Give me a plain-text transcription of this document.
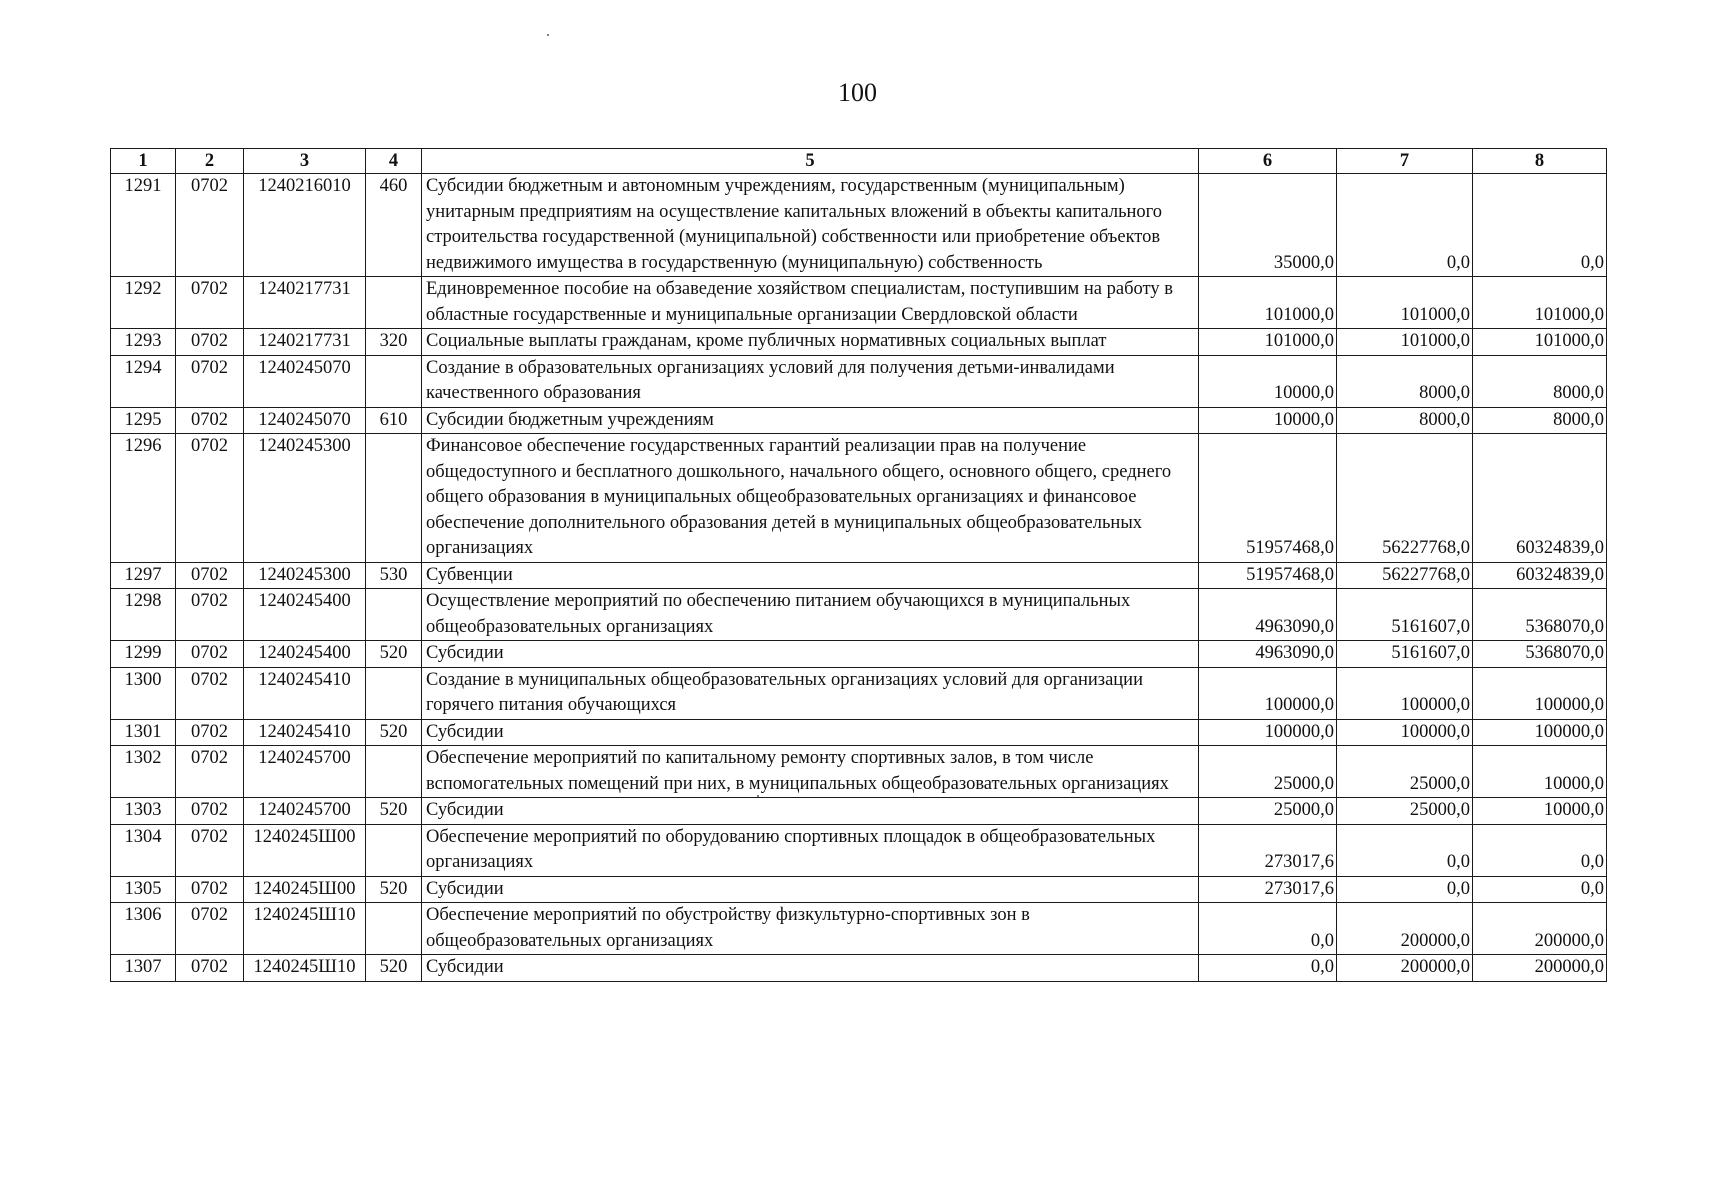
100
1	2	3	4	5	6	7	8
1291	0702	1240216010	460	Субсидии бюджетным и автономным учреждениям, государственным (муниципальным) унитарным предприятиям на осуществление капитальных вложений в объекты капитального строительства государственной (муниципальной) собственности или приобретение объектов недвижимого имущества в государственную (муниципальную) собственность	35000,0	0,0	0,0
1292	0702	1240217731		Единовременное пособие на обзаведение хозяйством специалистам, поступившим на работу в областные государственные и муниципальные организации Свердловской области	101000,0	101000,0	101000,0
1293	0702	1240217731	320	Социальные выплаты гражданам, кроме публичных нормативных социальных выплат	101000,0	101000,0	101000,0
1294	0702	1240245070		Создание в образовательных организациях условий для получения детьми-инвалидами качественного образования	10000,0	8000,0	8000,0
1295	0702	1240245070	610	Субсидии бюджетным учреждениям	10000,0	8000,0	8000,0
1296	0702	1240245300		Финансовое обеспечение государственных гарантий реализации прав на получение общедоступного и бесплатного дошкольного, начального общего, основного общего, среднего общего образования в муниципальных общеобразовательных организациях и финансовое обеспечение дополнительного образования детей в муниципальных общеобразовательных организациях	51957468,0	56227768,0	60324839,0
1297	0702	1240245300	530	Субвенции	51957468,0	56227768,0	60324839,0
1298	0702	1240245400		Осуществление мероприятий по обеспечению питанием обучающихся в муниципальных общеобразовательных организациях	4963090,0	5161607,0	5368070,0
1299	0702	1240245400	520	Субсидии	4963090,0	5161607,0	5368070,0
1300	0702	1240245410		Создание в муниципальных общеобразовательных организациях условий для организации горячего питания обучающихся	100000,0	100000,0	100000,0
1301	0702	1240245410	520	Субсидии	100000,0	100000,0	100000,0
1302	0702	1240245700		Обеспечение мероприятий по капитальному ремонту спортивных залов, в том числе вспомогательных помещений при них, в муниципальных общеобразовательных организациях	25000,0	25000,0	10000,0
1303	0702	1240245700	520	Субсидии	25000,0	25000,0	10000,0
1304	0702	1240245Ш00		Обеспечение мероприятий по оборудованию спортивных площадок в общеобразовательных организациях	273017,6	0,0	0,0
1305	0702	1240245Ш00	520	Субсидии	273017,6	0,0	0,0
1306	0702	1240245Ш10		Обеспечение мероприятий по обустройству физкультурно-спортивных зон в общеобразовательных организациях	0,0	200000,0	200000,0
1307	0702	1240245Ш10	520	Субсидии	0,0	200000,0	200000,0
